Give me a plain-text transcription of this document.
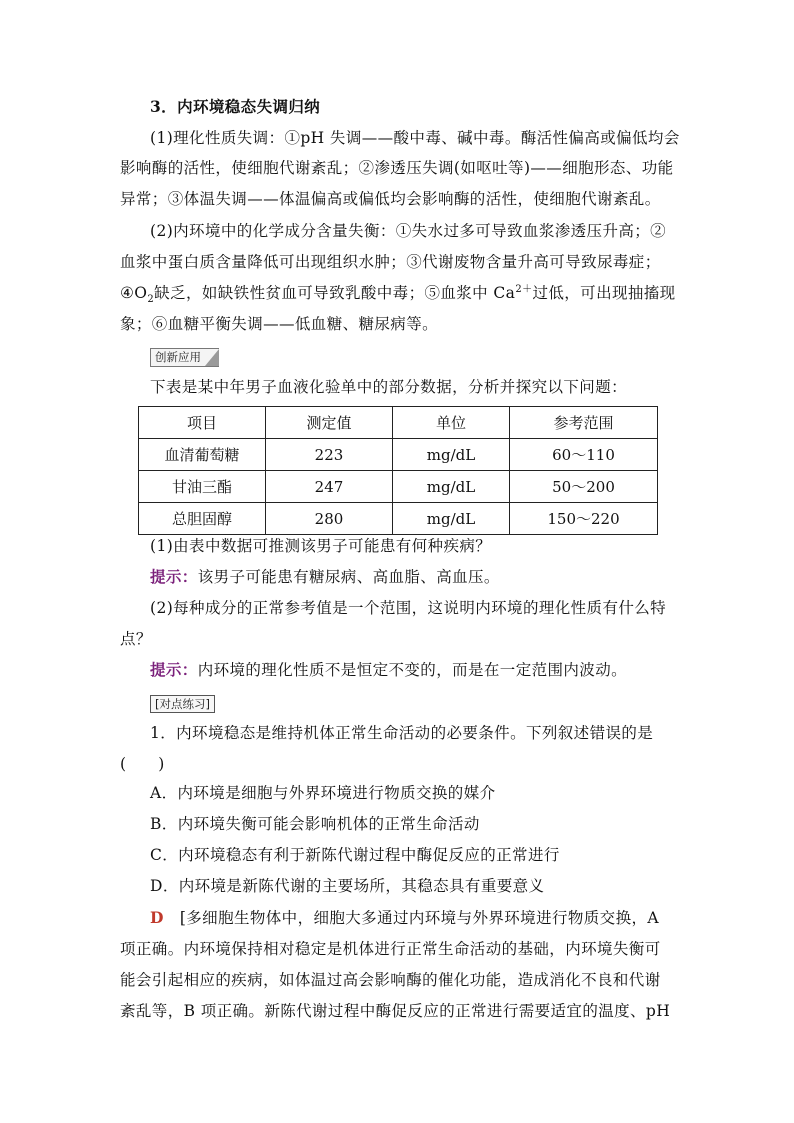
3．内环境稳态失调归纳
(1)理化性质失调：①pH 失调——酸中毒、碱中毒。酶活性偏高或偏低均会
影响酶的活性，使细胞代谢紊乱；②渗透压失调(如呕吐等)——细胞形态、功能
异常；③体温失调——体温偏高或偏低均会影响酶的活性，使细胞代谢紊乱。
(2)内环境中的化学成分含量失衡：①失水过多可导致血浆渗透压升高；②
血浆中蛋白质含量降低可出现组织水肿；③代谢废物含量升高可导致尿毒症；
$④O_2$缺乏，如缺铁性贫血可导致乳酸中毒；⑤血浆中 $Ca^{2+}$过低，可出现抽搐现
象；⑥血糖平衡失调——低血糖、糖尿病等。
创新应用
下表是某中年男子血液化验单中的部分数据，分析并探究以下问题：
项目	测定值	单位	参考范围
血清葡萄糖	223	mg/dL	60～110
甘油三酯	247	mg/dL	50～200
总胆固醇	280	mg/dL	150～220
(1)由表中数据可推测该男子可能患有何种疾病？
提示：该男子可能患有糖尿病、高血脂、高血压。
(2)每种成分的正常参考值是一个范围，这说明内环境的理化性质有什么特
点？
提示：内环境的理化性质不是恒定不变的，而是在一定范围内波动。
[对点练习]
1．内环境稳态是维持机体正常生命活动的必要条件。下列叙述错误的是
(　　)
A．内环境是细胞与外界环境进行物质交换的媒介
B．内环境失衡可能会影响机体的正常生命活动
C．内环境稳态有利于新陈代谢过程中酶促反应的正常进行
D．内环境是新陈代谢的主要场所，其稳态具有重要意义
D [多细胞生物体中，细胞大多通过内环境与外界环境进行物质交换，A
项正确。内环境保持相对稳定是机体进行正常生命活动的基础，内环境失衡可
能会引起相应的疾病，如体温过高会影响酶的催化功能，造成消化不良和代谢
紊乱等，B 项正确。新陈代谢过程中酶促反应的正常进行需要适宜的温度、pH
